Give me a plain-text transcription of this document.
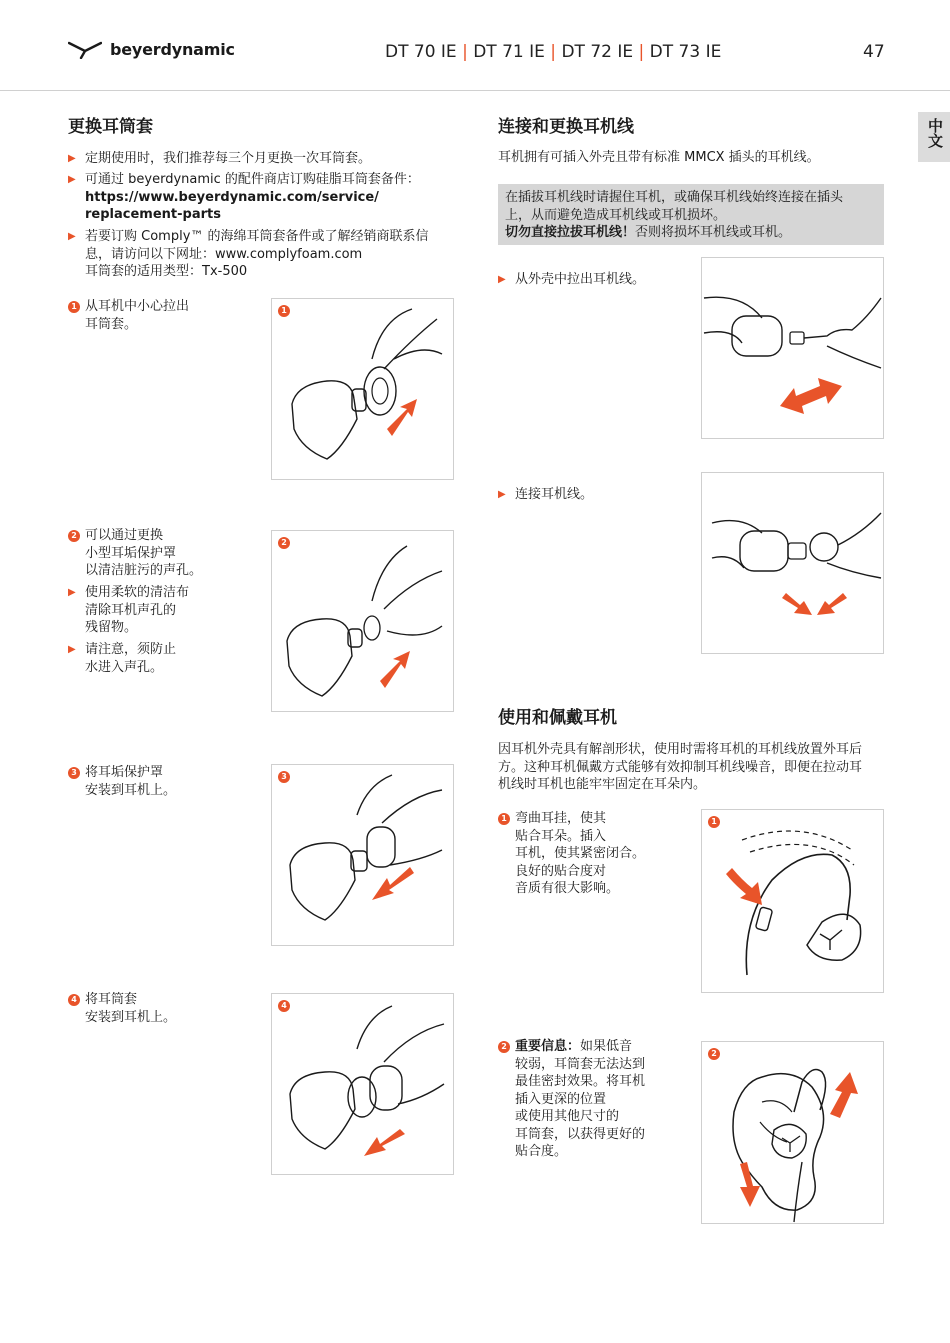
beyerdynamic	DT 70 IE | DT 71 IE | DT 72 IE | DT 73 IE	47
中文
更换耳筒套
▶ 定期使用时，我们推荐每三个月更换一次耳筒套。
▶ 可通过 beyerdynamic 的配件商店订购硅脂耳筒套备件：
https://www.beyerdynamic.com/service/
replacement-parts
▶ 若要订购 Comply™ 的海绵耳筒套备件或了解经销商联系信
息，请访问以下网址：www.complyfoam.com
耳筒套的适用类型：Tx-500
1 从耳机中小心拉出
耳筒套。
1
2 可以通过更换
小型耳垢保护罩
以清洁脏污的声孔。
▶ 使用柔软的清洁布
清除耳机声孔的
残留物。
▶ 请注意，须防止
水进入声孔。
2
3 将耳垢保护罩
安装到耳机上。
3
4 将耳筒套
安装到耳机上。
4
连接和更换耳机线
耳机拥有可插入外壳且带有标准 MMCX 插头的耳机线。
在插拔耳机线时请握住耳机，或确保耳机线始终连接在插头
上，从而避免造成耳机线或耳机损坏。
切勿直接拉拔耳机线！否则将损坏耳机线或耳机。
▶ 从外壳中拉出耳机线。
▶ 连接耳机线。
使用和佩戴耳机
因耳机外壳具有解剖形状，使用时需将耳机的耳机线放置外耳后
方。这种耳机佩戴方式能够有效抑制耳机线噪音，即便在拉动耳
机线时耳机也能牢牢固定在耳朵内。
1 弯曲耳挂，使其
贴合耳朵。插入
耳机，使其紧密闭合。
良好的贴合度对
音质有很大影响。
1
2 重要信息：如果低音
较弱，耳筒套无法达到
最佳密封效果。将耳机
插入更深的位置
或使用其他尺寸的
耳筒套，以获得更好的
贴合度。
2
